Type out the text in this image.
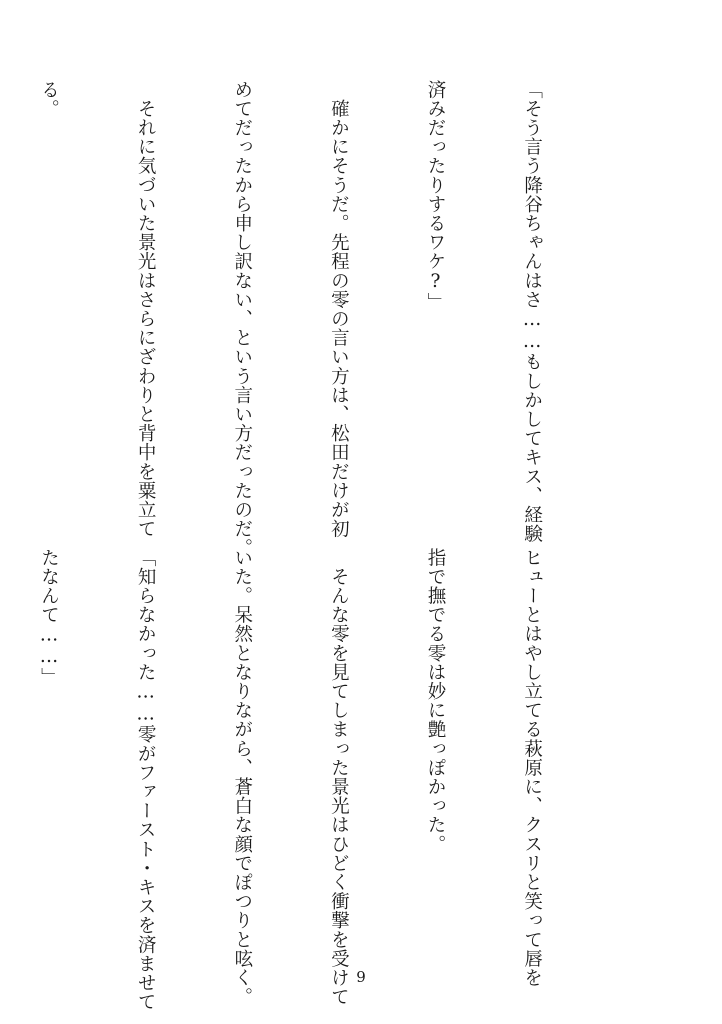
「そう言う降谷ちゃんはさ……もしかしてキス、経験

済みだったりするワケ?」

　確かにそうだ。先程の零の言い方は、松田だけが初

めてだったから申し訳ない、という言い方だったのだ。

　それに気づいた景光はさらにざわりと背中を粟立て

る。

ヒューとはやし立てる萩原に、クスリと笑って唇を

指で撫でる零は妙に艶っぽかった。

　そんな零を見てしまった景光はひどく衝撃を受けて

いた。呆然となりながら、蒼白な顔でぽつりと呟く。

「知らなかった……零がファースト・キスを済ませて

たなんて……」

9
